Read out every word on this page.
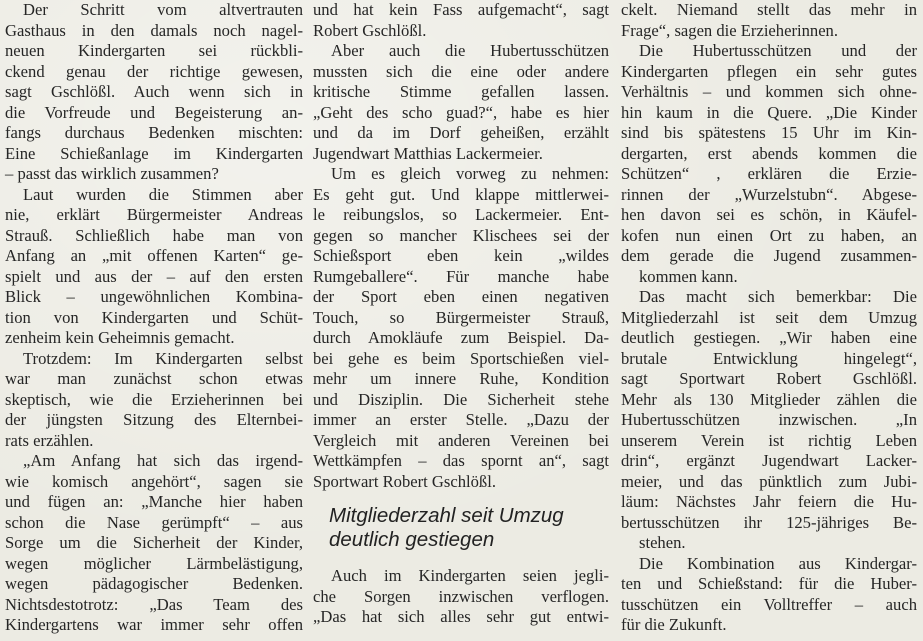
Der Schritt vom altvertrauten
Gasthaus in den damals noch nagel-
neuen Kindergarten sei rückbli-
ckend genau der richtige gewesen,
sagt Gschlößl. Auch wenn sich in
die Vorfreude und Begeisterung an-
fangs durchaus Bedenken mischten:
Eine Schießanlage im Kindergarten
– passt das wirklich zusammen?
Laut wurden die Stimmen aber
nie, erklärt Bürgermeister Andreas
Strauß. Schließlich habe man von
Anfang an „mit offenen Karten“ ge-
spielt und aus der – auf den ersten
Blick – ungewöhnlichen Kombina-
tion von Kindergarten und Schüt-
zenheim kein Geheimnis gemacht.
Trotzdem: Im Kindergarten selbst
war man zunächst schon etwas
skeptisch, wie die Erzieherinnen bei
der jüngsten Sitzung des Elternbei-
rats erzählen.
„Am Anfang hat sich das irgend-
wie komisch angehört“, sagen sie
und fügen an: „Manche hier haben
schon die Nase gerümpft“ – aus
Sorge um die Sicherheit der Kinder,
wegen möglicher Lärmbelästigung,
wegen pädagogischer Bedenken.
Nichtsdestotrotz: „Das Team des
Kindergartens war immer sehr offen
und hat kein Fass aufgemacht“, sagt
Robert Gschlößl.
Aber auch die Hubertusschützen
mussten sich die eine oder andere
kritische Stimme gefallen lassen.
„Geht des scho guad?“, habe es hier
und da im Dorf geheißen, erzählt
Jugendwart Matthias Lackermeier.
Um es gleich vorweg zu nehmen:
Es geht gut. Und klappe mittlerwei-
le reibungslos, so Lackermeier. Ent-
gegen so mancher Klischees sei der
Schießsport eben kein „wildes
Rumgeballere“. Für manche habe
der Sport eben einen negativen
Touch, so Bürgermeister Strauß,
durch Amokläufe zum Beispiel. Da-
bei gehe es beim Sportschießen viel-
mehr um innere Ruhe, Kondition
und Disziplin. Die Sicherheit stehe
immer an erster Stelle. „Dazu der
Vergleich mit anderen Vereinen bei
Wettkämpfen – das spornt an“, sagt
Sportwart Robert Gschlößl.
Mitgliederzahl seit Umzug
deutlich gestiegen
Auch im Kindergarten seien jegli-
che Sorgen inzwischen verflogen.
„Das hat sich alles sehr gut entwi-
ckelt. Niemand stellt das mehr in
Frage“, sagen die Erzieherinnen.
Die Hubertusschützen und der
Kindergarten pflegen ein sehr gutes
Verhältnis – und kommen sich ohne-
hin kaum in die Quere. „Die Kinder
sind bis spätestens 15 Uhr im Kin-
dergarten, erst abends kommen die
Schützen“ , erklären die Erzie-
rinnen der „Wurzelstubn“. Abgese-
hen davon sei es schön, in Käufel-
kofen nun einen Ort zu haben, an
dem gerade die Jugend zusammen-
kommen kann.
Das macht sich bemerkbar: Die
Mitgliederzahl ist seit dem Umzug
deutlich gestiegen. „Wir haben eine
brutale Entwicklung hingelegt“,
sagt Sportwart Robert Gschlößl.
Mehr als 130 Mitglieder zählen die
Hubertusschützen inzwischen. „In
unserem Verein ist richtig Leben
drin“, ergänzt Jugendwart Lacker-
meier, und das pünktlich zum Jubi-
läum: Nächstes Jahr feiern die Hu-
bertusschützen ihr 125-jähriges Be-
stehen.
Die Kombination aus Kindergar-
ten und Schießstand: für die Huber-
tusschützen ein Volltreffer – auch
für die Zukunft.
